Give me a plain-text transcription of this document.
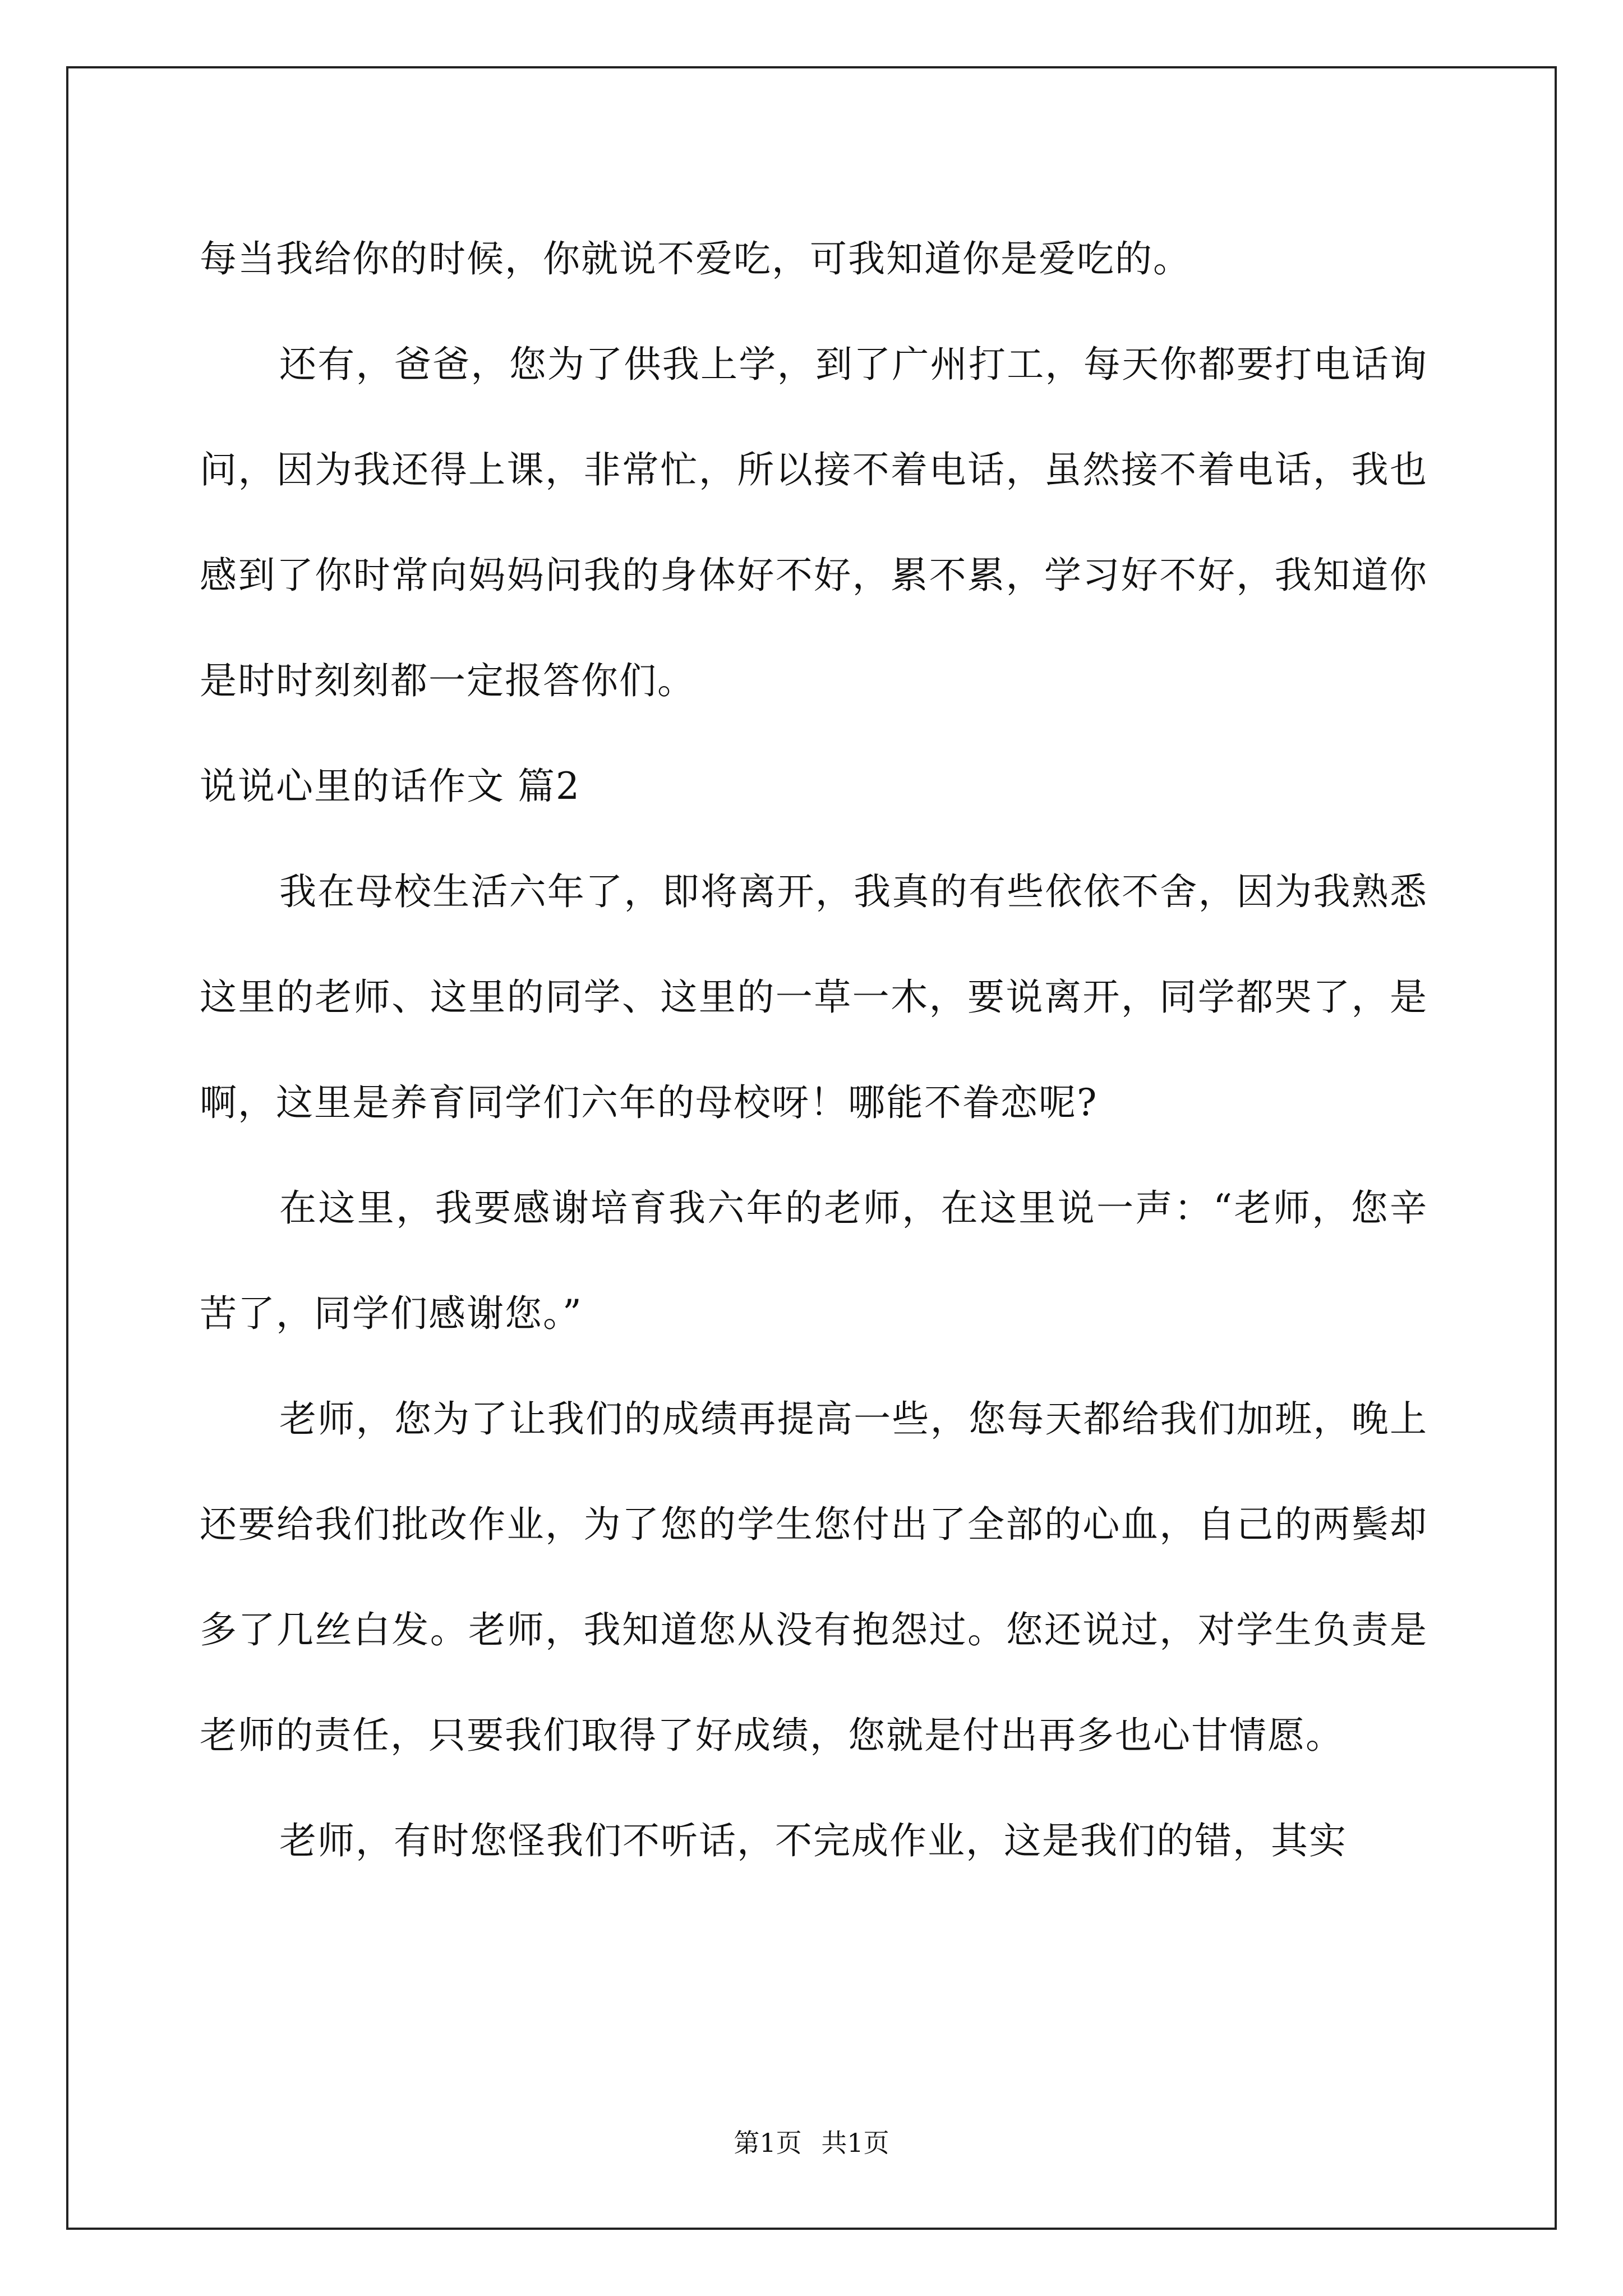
每当我给你的时候，你就说不爱吃，可我知道你是爱吃的。

还有，爸爸，您为了供我上学，到了广州打工，每天你都要打电话询问，因为我还得上课，非常忙，所以接不着电话，虽然接不着电话，我也感到了你时常向妈妈问我的身体好不好，累不累，学习好不好，我知道你是时时刻刻都一定报答你们。

说说心里的话作文 篇2

我在母校生活六年了，即将离开，我真的有些依依不舍，因为我熟悉这里的老师、这里的同学、这里的一草一木，要说离开，同学都哭了，是啊，这里是养育同学们六年的母校呀！哪能不眷恋呢?

在这里，我要感谢培育我六年的老师，在这里说一声：“老师，您辛苦了，同学们感谢您。”

老师，您为了让我们的成绩再提高一些，您每天都给我们加班，晚上还要给我们批改作业，为了您的学生您付出了全部的心血，自己的两鬓却多了几丝白发。老师，我知道您从没有抱怨过。您还说过，对学生负责是老师的责任，只要我们取得了好成绩，您就是付出再多也心甘情愿。

老师，有时您怪我们不听话，不完成作业，这是我们的错，其实

第1页 共1页
